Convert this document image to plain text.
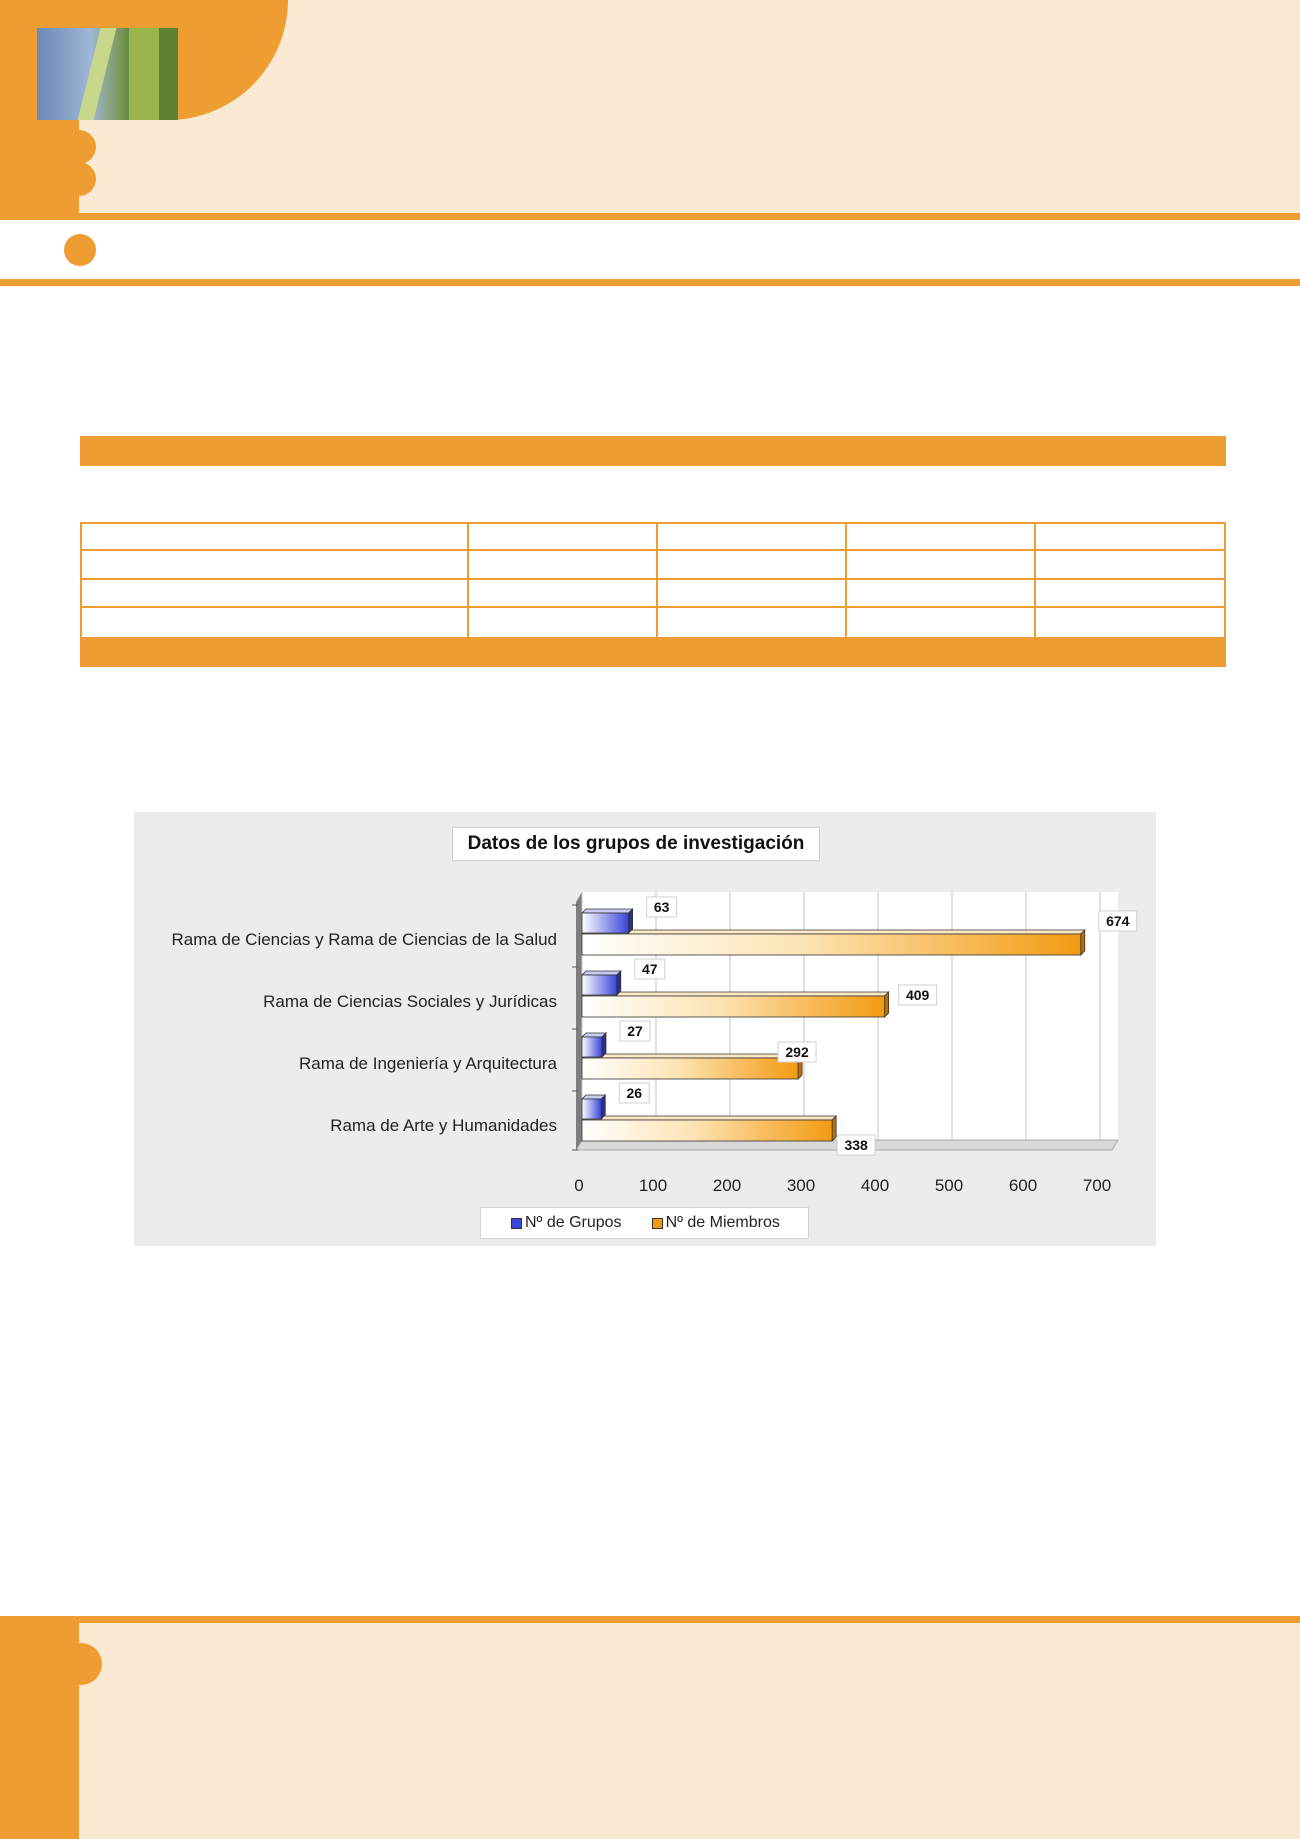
Datos de los grupos de investigación
Rama de Ciencias y Rama de Ciencias de la Salud
Rama de Ciencias Sociales y Jurídicas
Rama de Ingeniería y Arquitectura
Rama de Arte y Humanidades
63
674
47
409
27
292
26
338
0	100	200	300	400	500	600	700
Nº de Grupos	Nº de Miembros
